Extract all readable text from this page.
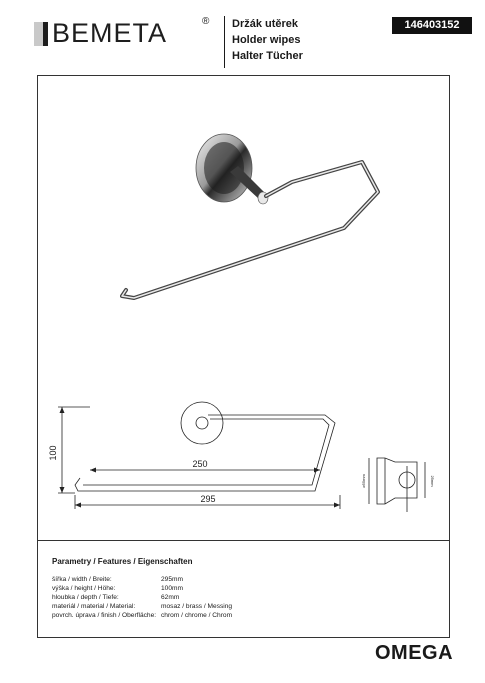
BEMETA	® Držák utěrek
Holder wipes
Halter Tücher
146403152
100
250
295
ø55mm	25mm
Parametry / Features / Eigenschaften
šířka / width / Breite:	295mm
výška / height / Höhe:	100mm
hloubka / depth / Tiefe:	62mm
materiál / material / Material:	mosaz / brass / Messing
povrch. úprava / finish / Oberfläche: chrom / chrome / Chrom
OMEGA
